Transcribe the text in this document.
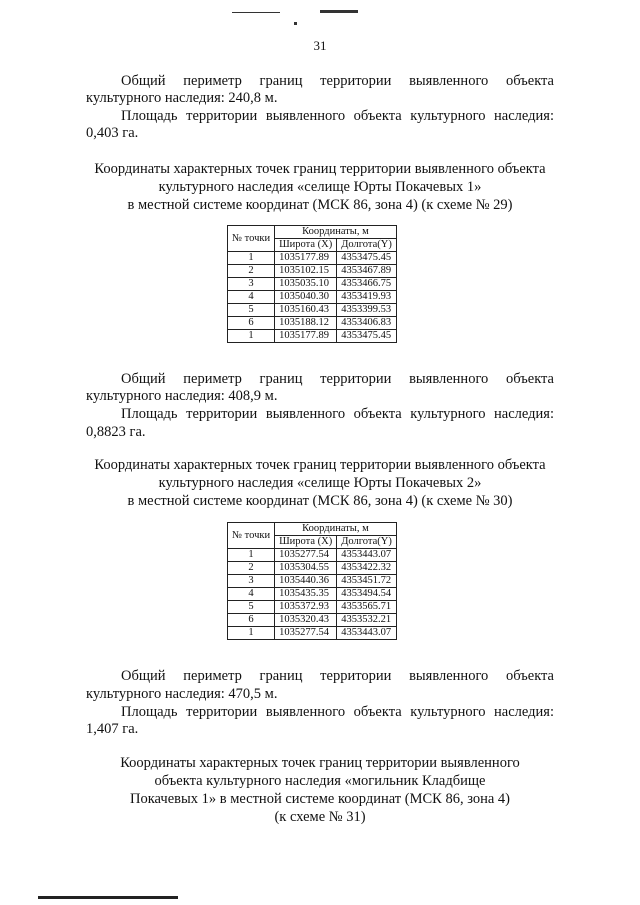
31

Общий периметр границ территории выявленного объекта

культурного наследия: 240,8 м.

Площадь территории выявленного объекта культурного наследия:

0,403 га.

Координаты характерных точек границ территории выявленного объекта
культурного наследия «селище Юрты Покачевых 1»
в местной системе координат (МСК 86, зона 4) (к схеме № 29)
№ точки	Координаты, м	
	Широта (X)	Долгота(Y)
1	1035177.89	4353475.45
2	1035102.15	4353467.89
3	1035035.10	4353466.75
4	1035040.30	4353419.93
5	1035160.43	4353399.53
6	1035188.12	4353406.83
1	1035177.89	4353475.45

Общий периметр границ территории выявленного объекта

культурного наследия: 408,9 м.

Площадь территории выявленного объекта культурного наследия:

0,8823 га.

Координаты характерных точек границ территории выявленного объекта
культурного наследия «селище Юрты Покачевых 2»
в местной системе координат (МСК 86, зона 4) (к схеме № 30)
№ точки	Координаты, м	
	Широта (X)	Долгота(Y)
1	1035277.54	4353443.07
2	1035304.55	4353422.32
3	1035440.36	4353451.72
4	1035435.35	4353494.54
5	1035372.93	4353565.71
6	1035320.43	4353532.21
1	1035277.54	4353443.07

Общий периметр границ территории выявленного объекта

культурного наследия: 470,5 м.

Площадь территории выявленного объекта культурного наследия:

1,407 га.

Координаты характерных точек границ территории выявленного
объекта культурного наследия «могильник Кладбище
Покачевых 1» в местной системе координат (МСК 86, зона 4)
(к схеме № 31)
